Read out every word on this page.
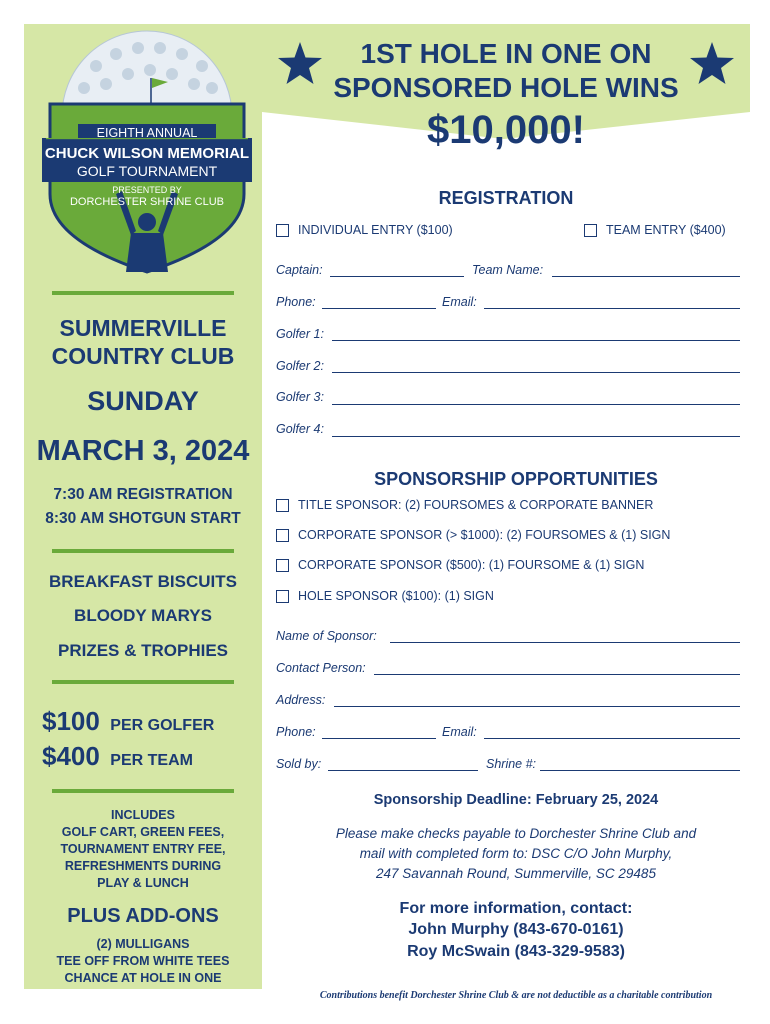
EIGHTH ANNUAL
CHUCK WILSON MEMORIAL
GOLF TOURNAMENT
PRESENTED BY
DORCHESTER SHRINE CLUB
SUMMERVILLE
COUNTRY CLUB
SUNDAY
MARCH 3, 2024
7:30 AM REGISTRATION
8:30 AM SHOTGUN START
BREAKFAST BISCUITS
BLOODY MARYS
PRIZES & TROPHIES
$100 PER GOLFER
$400 PER TEAM
INCLUDES
GOLF CART, GREEN FEES,
TOURNAMENT ENTRY FEE,
REFRESHMENTS DURING
PLAY & LUNCH
PLUS ADD-ONS
(2) MULLIGANS
TEE OFF FROM WHITE TEES
CHANCE AT HOLE IN ONE
1ST HOLE IN ONE ON
SPONSORED HOLE WINS
$10,000!
REGISTRATION
INDIVIDUAL ENTRY ($100)	TEAM ENTRY ($400)
Captain:	Team Name:
Phone:	Email:
Golfer 1:
Golfer 2:
Golfer 3:
Golfer 4:
SPONSORSHIP OPPORTUNITIES
TITLE SPONSOR: (2) FOURSOMES & CORPORATE BANNER
CORPORATE SPONSOR (> $1000): (2) FOURSOMES & (1) SIGN
CORPORATE SPONSOR ($500): (1) FOURSOME & (1) SIGN
HOLE SPONSOR ($100): (1) SIGN
Name of Sponsor:
Contact Person:
Address:
Phone:	Email:
Sold by:	Shrine #:
Sponsorship Deadline: February 25, 2024
Please make checks payable to Dorchester Shrine Club and
mail with completed form to: DSC C/O John Murphy,
247 Savannah Round, Summerville, SC 29485
For more information, contact:
John Murphy (843-670-0161)
Roy McSwain (843-329-9583)
Contributions benefit Dorchester Shrine Club & are not deductible as a charitable contribution
